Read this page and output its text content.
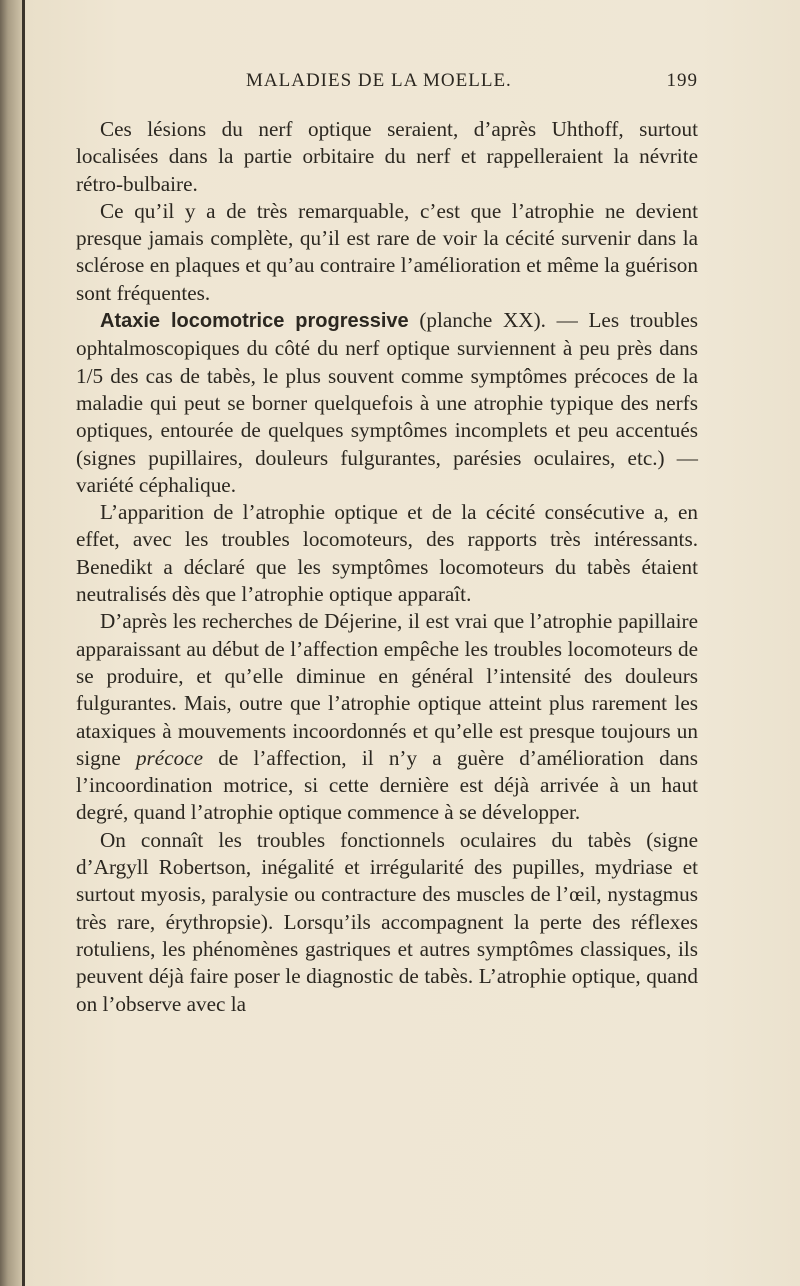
MALADIES DE LA MOELLE.	199

Ces lésions du nerf optique seraient, d’après Uhthoff, surtout localisées dans la partie orbitaire du nerf et rappelleraient la névrite rétro-bulbaire.

Ce qu’il y a de très remarquable, c’est que l’atrophie ne devient presque jamais complète, qu’il est rare de voir la cécité survenir dans la sclérose en plaques et qu’au contraire l’amélioration et même la guérison sont fréquentes.

Ataxie locomotrice progressive (planche XX). — Les troubles ophtalmoscopiques du côté du nerf optique surviennent à peu près dans 1/5 des cas de tabès, le plus souvent comme symptômes précoces de la maladie qui peut se borner quelquefois à une atrophie typique des nerfs optiques, entourée de quelques symptômes incomplets et peu accentués (signes pupillaires, douleurs fulgurantes, parésies oculaires, etc.) — variété céphalique.

L’apparition de l’atrophie optique et de la cécité consécutive a, en effet, avec les troubles locomoteurs, des rapports très intéressants. Benedikt a déclaré que les symptômes locomoteurs du tabès étaient neutralisés dès que l’atrophie optique apparaît.

D’après les recherches de Déjerine, il est vrai que l’atrophie papillaire apparaissant au début de l’affection empêche les troubles locomoteurs de se produire, et qu’elle diminue en général l’intensité des douleurs fulgurantes. Mais, outre que l’atrophie optique atteint plus rarement les ataxiques à mouvements incoordonnés et qu’elle est presque toujours un signe précoce de l’affection, il n’y a guère d’amélioration dans l’incoordination motrice, si cette dernière est déjà arrivée à un haut degré, quand l’atrophie optique commence à se développer.

On connaît les troubles fonctionnels oculaires du tabès (signe d’Argyll Robertson, inégalité et irrégularité des pupilles, mydriase et surtout myosis, paralysie ou contracture des muscles de l’œil, nystagmus très rare, érythropsie). Lorsqu’ils accompagnent la perte des réflexes rotuliens, les phénomènes gastriques et autres symptômes classiques, ils peuvent déjà faire poser le diagnostic de tabès. L’atrophie optique, quand on l’observe avec la
